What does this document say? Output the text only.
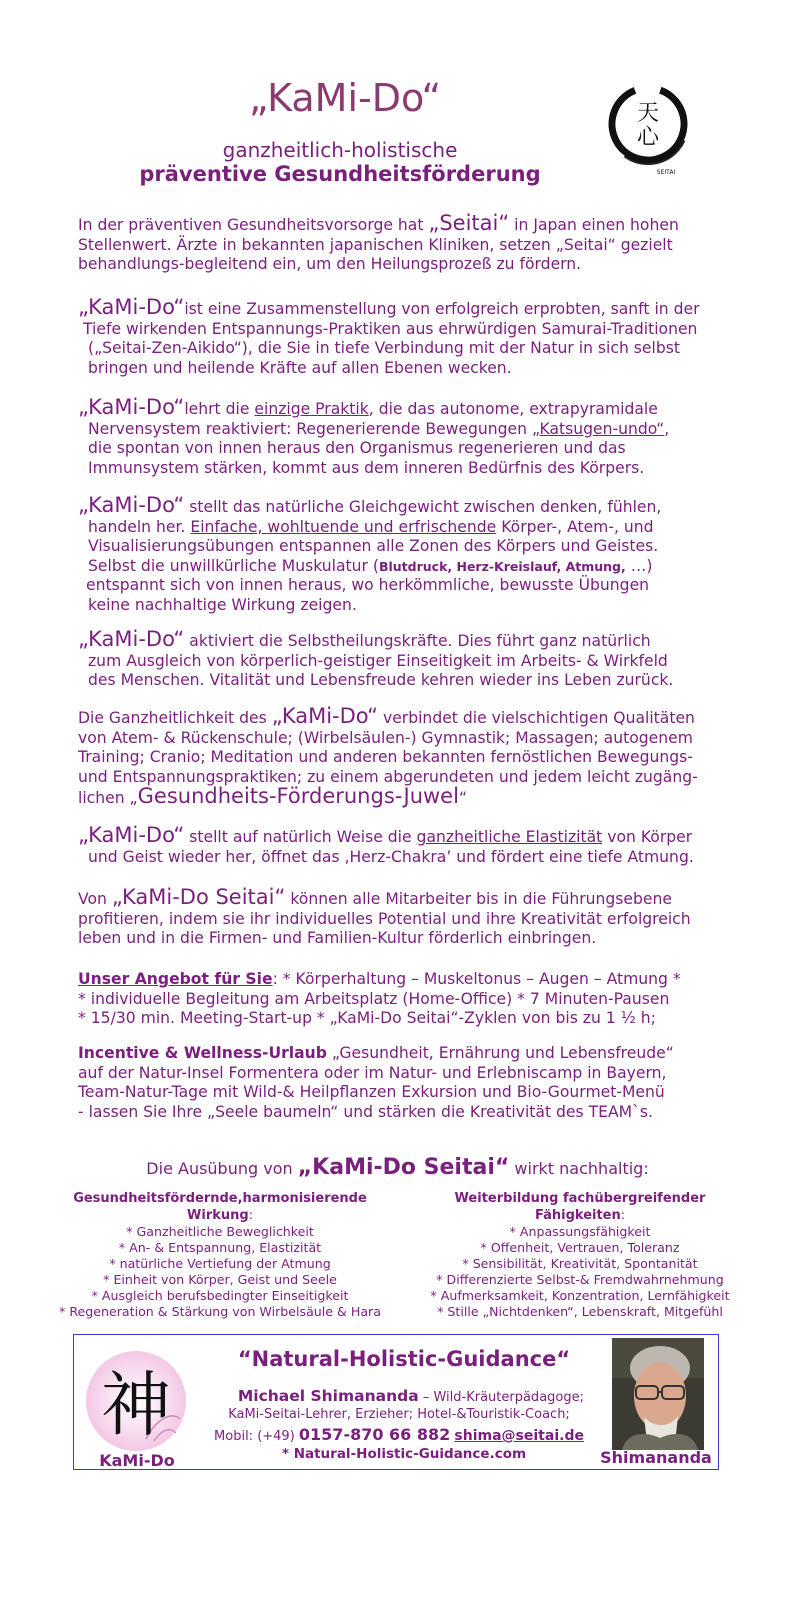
„KaMi-Do“
ganzheitlich-holistische
präventive Gesundheitsförderung
天
心
SEITAI
In der präventiven Gesundheitsvorsorge hat „Seitai“ in Japan einen hohen
Stellenwert. Ärzte in bekannten japanischen Kliniken, setzen „Seitai“ gezielt
behandlungs-begleitend ein, um den Heilungsprozeß zu fördern.
„KaMi-Do“ist eine Zusammenstellung von erfolgreich erprobten, sanft in der
Tiefe wirkenden Entspannungs-Praktiken aus ehrwürdigen Samurai-Traditionen
(„Seitai-Zen-Aikido“), die Sie in tiefe Verbindung mit der Natur in sich selbst
bringen und heilende Kräfte auf allen Ebenen wecken.
„KaMi-Do“lehrt die einzige Praktik, die das autonome, extrapyramidale
Nervensystem reaktiviert: Regenerierende Bewegungen „Katsugen-undo“,
die spontan von innen heraus den Organismus regenerieren und das
Immunsystem stärken, kommt aus dem inneren Bedürfnis des Körpers.
„KaMi-Do“ stellt das natürliche Gleichgewicht zwischen denken, fühlen,
handeln her. Einfache, wohltuende und erfrischende Körper-, Atem-, und
Visualisierungsübungen entspannen alle Zonen des Körpers und Geistes.
Selbst die unwillkürliche Muskulatur (Blutdruck, Herz-Kreislauf, Atmung, …)
entspannt sich von innen heraus, wo herkömmliche, bewusste Übungen
keine nachhaltige Wirkung zeigen.
„KaMi-Do“ aktiviert die Selbstheilungskräfte. Dies führt ganz natürlich
zum Ausgleich von körperlich-geistiger Einseitigkeit im Arbeits- & Wirkfeld
des Menschen. Vitalität und Lebensfreude kehren wieder ins Leben zurück.
Die Ganzheitlichkeit des „KaMi-Do“ verbindet die vielschichtigen Qualitäten
von Atem- & Rückenschule; (Wirbelsäulen-) Gymnastik; Massagen; autogenem
Training; Cranio; Meditation und anderen bekannten fernöstlichen Bewegungs-
und Entspannungspraktiken; zu einem abgerundeten und jedem leicht zugäng-
lichen „Gesundheits-Förderungs-Juwel“
„KaMi-Do“ stellt auf natürlich Weise die ganzheitliche Elastizität von Körper
und Geist wieder her, öffnet das ‚Herz-Chakra’ und fördert eine tiefe Atmung.
Von „KaMi-Do Seitai“ können alle Mitarbeiter bis in die Führungsebene
profitieren, indem sie ihr individuelles Potential und ihre Kreativität erfolgreich
leben und in die Firmen- und Familien-Kultur förderlich einbringen.
Unser Angebot für Sie: * Körperhaltung – Muskeltonus – Augen – Atmung *
* individuelle Begleitung am Arbeitsplatz (Home-Office) * 7 Minuten-Pausen
* 15/30 min. Meeting-Start-up * „KaMi-Do Seitai“-Zyklen von bis zu 1 ½ h;
Incentive & Wellness-Urlaub „Gesundheit, Ernährung und Lebensfreude“
auf der Natur-Insel Formentera oder im Natur- und Erlebniscamp in Bayern,
Team-Natur-Tage mit Wild-& Heilpflanzen Exkursion und Bio-Gourmet-Menü
- lassen Sie Ihre „Seele baumeln“ und stärken die Kreativität des TEAM`s.
Die Ausübung von „KaMi-Do Seitai“ wirkt nachhaltig:
Gesundheitsfördernde,harmonisierende
Wirkung:
* Ganzheitliche Beweglichkeit
* An- & Entspannung, Elastizität
* natürliche Vertiefung der Atmung
* Einheit von Körper, Geist und Seele
* Ausgleich berufsbedingter Einseitigkeit
* Regeneration & Stärkung von Wirbelsäule & Hara
Weiterbildung fachübergreifender
Fähigkeiten:
* Anpassungsfähigkeit
* Offenheit, Vertrauen, Toleranz
* Sensibilität, Kreativität, Spontanität
* Differenzierte Selbst-& Fremdwahrnehmung
* Aufmerksamkeit, Konzentration, Lernfähigkeit
* Stille „Nichtdenken“, Lebenskraft, Mitgefühl
神
KaMi-Do
“Natural-Holistic-Guidance“
Michael Shimananda – Wild-Kräuterpädagoge;
KaMi-Seitai-Lehrer, Erzieher; Hotel-&Touristik-Coach;
Mobil: (+49) 0157-870 66 882 shima@seitai.de
* Natural-Holistic-Guidance.com	Shimananda
